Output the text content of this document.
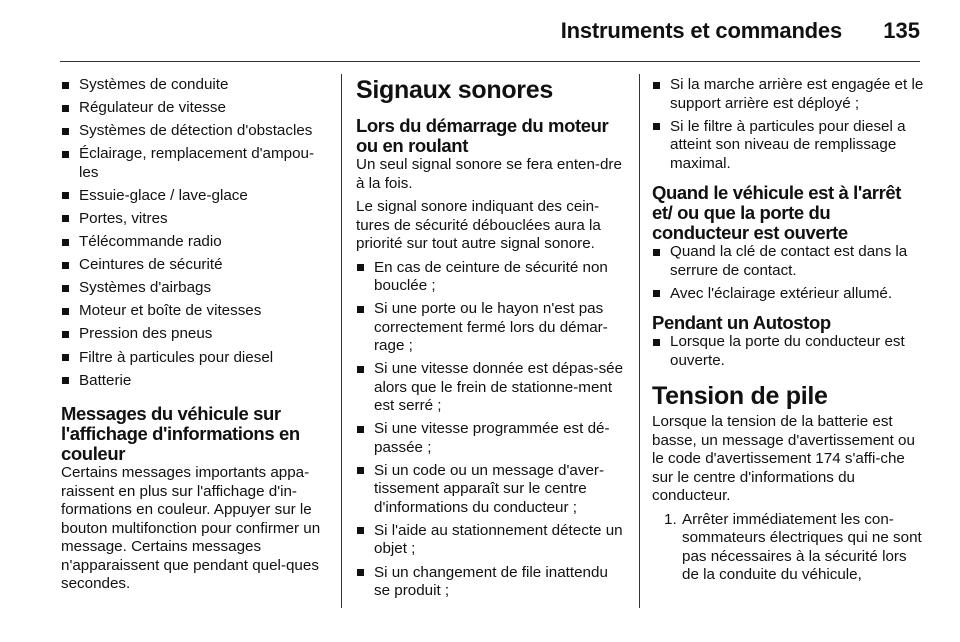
Instruments et commandes 135
Systèmes de conduite
Régulateur de vitesse
Systèmes de détection d'obstacles
Éclairage, remplacement d'ampou-les
Essuie-glace / lave-glace
Portes, vitres
Télécommande radio
Ceintures de sécurité
Systèmes d'airbags
Moteur et boîte de vitesses
Pression des pneus
Filtre à particules pour diesel
Batterie
Messages du véhicule sur l'affichage d'informations en couleur

Certains messages importants appa-raissent en plus sur l'affichage d'in-formations en couleur. Appuyer sur le bouton multifonction pour confirmer un message. Certains messages n'apparaissent que pendant quel-ques secondes.

Signaux sonores
Lors du démarrage du moteur ou en roulant

Un seul signal sonore se fera enten-dre à la fois.

Le signal sonore indiquant des cein-tures de sécurité débouclées aura la priorité sur tout autre signal sonore.

En cas de ceinture de sécurité non bouclée ;
Si une porte ou le hayon n'est pas correctement fermé lors du démar-rage ;
Si une vitesse donnée est dépas-sée alors que le frein de stationne-ment est serré ;
Si une vitesse programmée est dé-passée ;
Si un code ou un message d'aver-tissement apparaît sur le centre d'informations du conducteur ;
Si l'aide au stationnement détecte un objet ;
Si un changement de file inattendu se produit ;
Si la marche arrière est engagée et le support arrière est déployé ;
Si le filtre à particules pour diesel a atteint son niveau de remplissage maximal.
Quand le véhicule est à l'arrêt et/ ou que la porte du conducteur est ouverte
Quand la clé de contact est dans la serrure de contact.
Avec l'éclairage extérieur allumé.
Pendant un Autostop
Lorsque la porte du conducteur est ouverte.
Tension de pile

Lorsque la tension de la batterie est basse, un message d'avertissement ou le code d'avertissement 174 s'affi-che sur le centre d'informations du conducteur.

1. Arrêter immédiatement les con-sommateurs électriques qui ne sont pas nécessaires à la sécurité lors de la conduite du véhicule,
